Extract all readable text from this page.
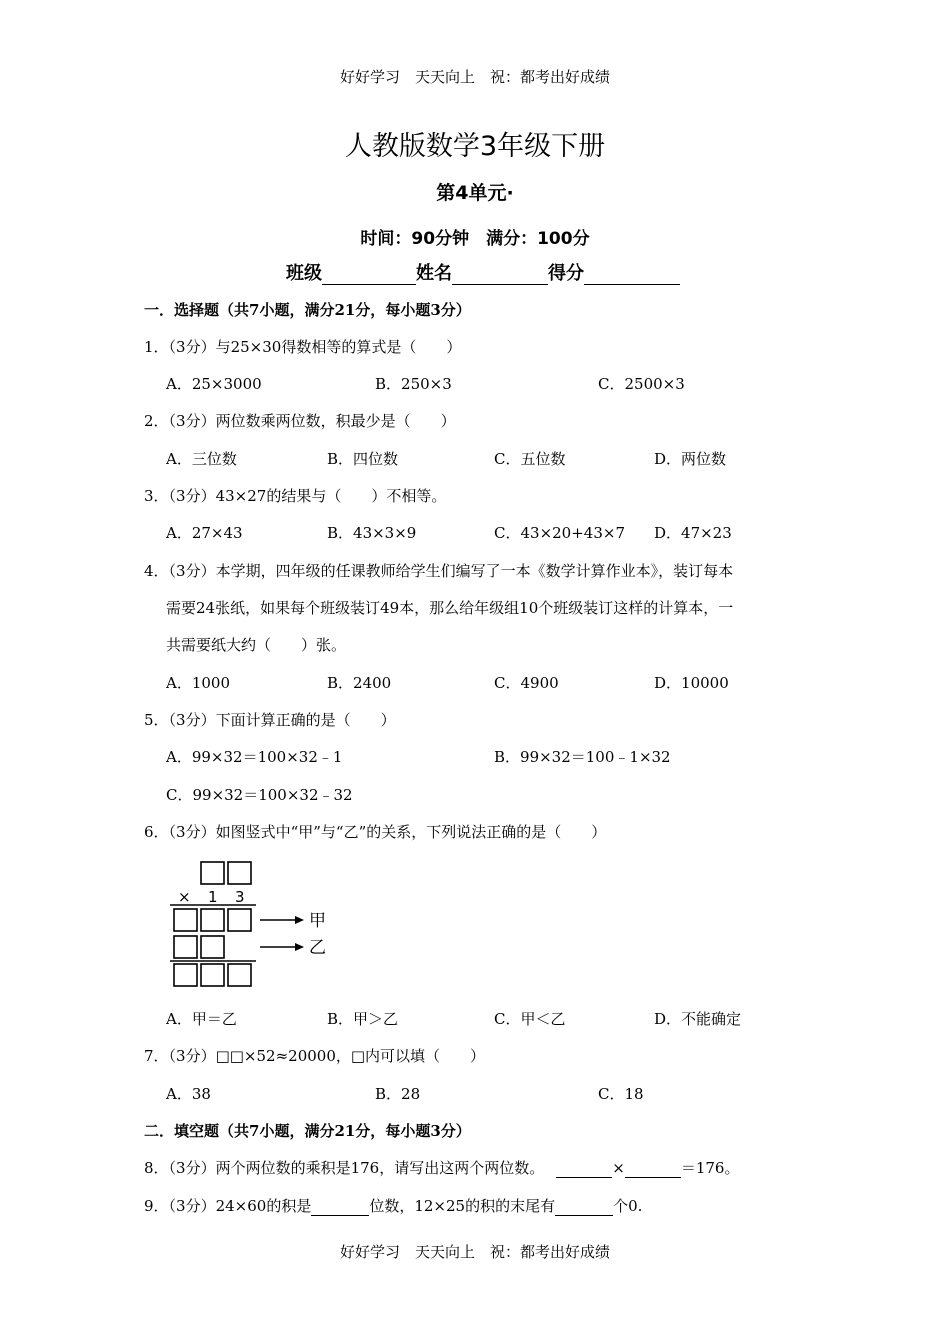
好好学习　天天向上　祝：都考出好成绩
人教版数学3年级下册
第4单元·
时间：90分钟　满分：100分
班级	姓名	得分
一．选择题（共7小题，满分21分，每小题3分）
1．（3分）与25×30得数相等的算式是（　　）
A．25×3000	B．250×3	C．2500×3
2．（3分）两位数乘两位数，积最少是（　　）
A．三位数	B．四位数	C．五位数	D．两位数
3．（3分）43×27的结果与（　　）不相等。
A．27×43	B．43×3×9	C．43×20+43×7 D．47×23
4．（3分）本学期，四年级的任课教师给学生们编写了一本《数学计算作业本》，装订每本
需要24张纸，如果每个班级装订49本，那么给年级组10个班级装订这样的计算本，一
共需要纸大约（　　）张。
A．1000	B．2400	C．4900	D．10000
5．（3分）下面计算正确的是（　　）
A．99×32＝100×32﹣1	B．99×32＝100﹣1×32
C．99×32＝100×32﹣32
6．（3分）如图竖式中“甲”与“乙”的关系，下列说法正确的是（　　）
× 1 3
甲
乙
A．甲＝乙	B．甲＞乙	C．甲＜乙	D．不能确定
7．（3分）□□×52≈20000，□内可以填（　　）
A．38	B．28	C．18
二．填空题（共7小题，满分21分，每小题3分）
8．（3分）两个两位数的乘积是176，请写出这两个两位数。	×	＝176。
9．（3分）24×60的积是	位数，12×25的积的末尾有	个0.
好好学习　天天向上　祝：都考出好成绩
